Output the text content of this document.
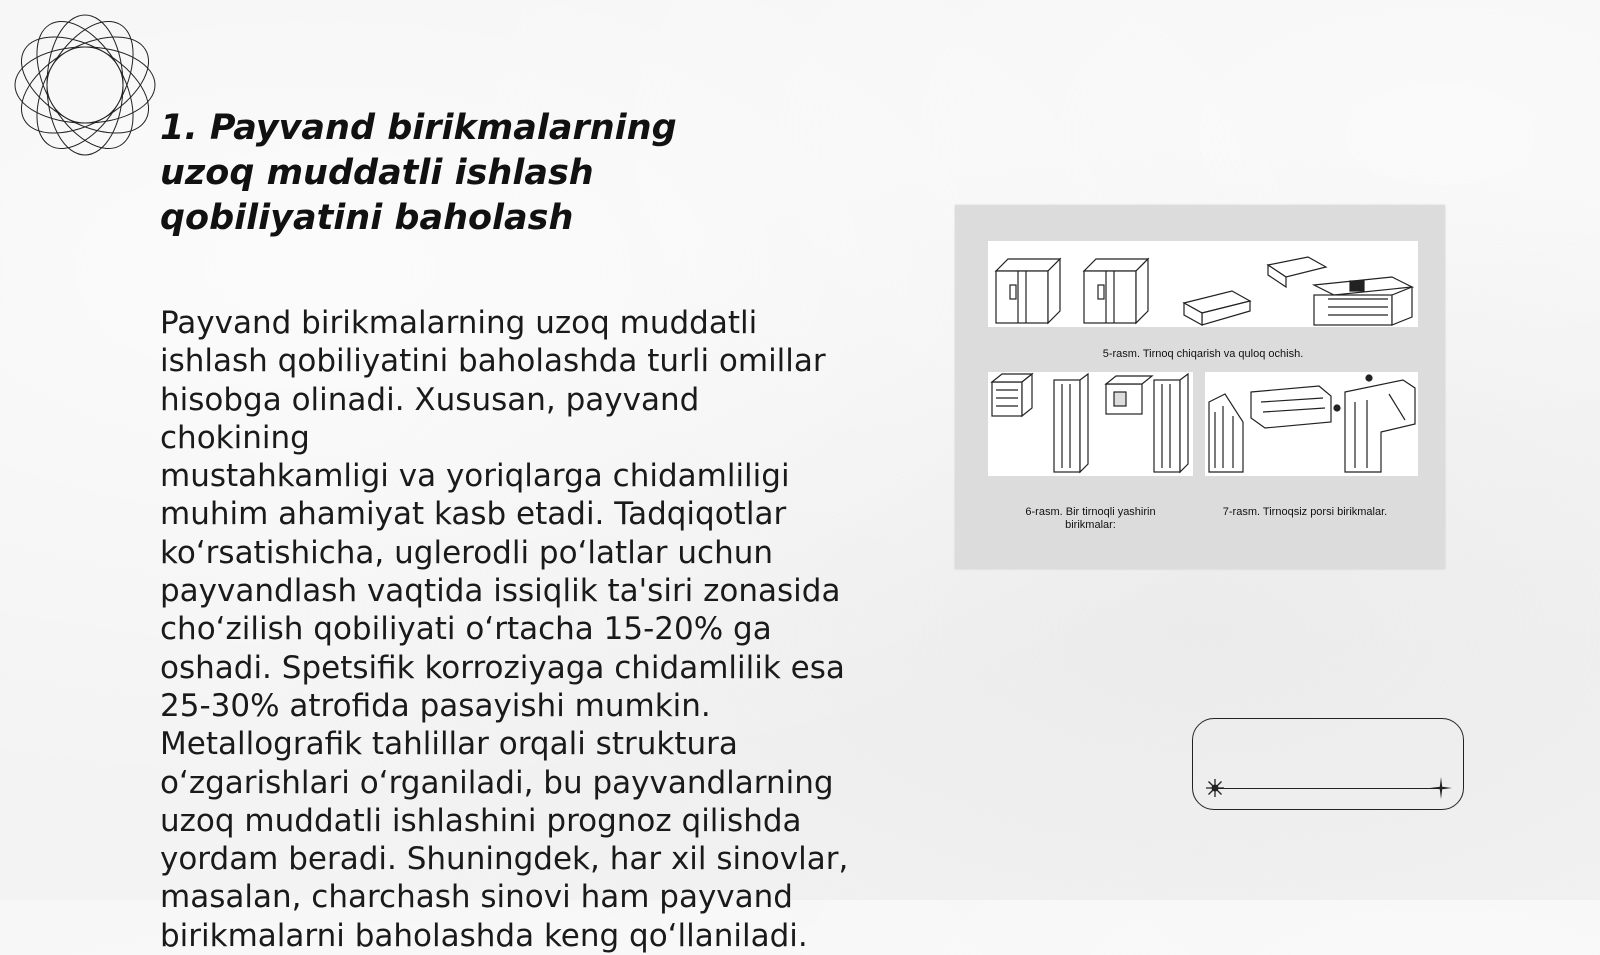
1. Payvand birikmalarning uzoq muddatli ishlash qobiliyatini baholash

Payvand birikmalarning uzoq muddatli
ishlash qobiliyatini baholashda turli omillar
hisobga olinadi. Xususan, payvand chokining
mustahkamligi va yoriqlarga chidamliligi
muhim ahamiyat kasb etadi. Tadqiqotlar
koʻrsatishicha, uglerodli poʻlatlar uchun
payvandlash vaqtida issiqlik ta'siri zonasida
choʻzilish qobiliyati oʻrtacha 15-20% ga
oshadi. Spetsifik korroziyaga chidamlilik esa
25-30% atrofida pasayishi mumkin.
Metallografik tahlillar orqali struktura
oʻzgarishlari oʻrganiladi, bu payvandlarning
uzoq muddatli ishlashini prognoz qilishda
yordam beradi. Shuningdek, har xil sinovlar,
masalan, charchash sinovi ham payvand
birikmalarni baholashda keng qoʻllaniladi.

5-rasm. Tirnoq chiqarish va quloq ochish.
6-rasm. Bir tirnoqli yashirin
birikmalar:
7-rasm. Tirnoqsiz porsi birikmalar.
